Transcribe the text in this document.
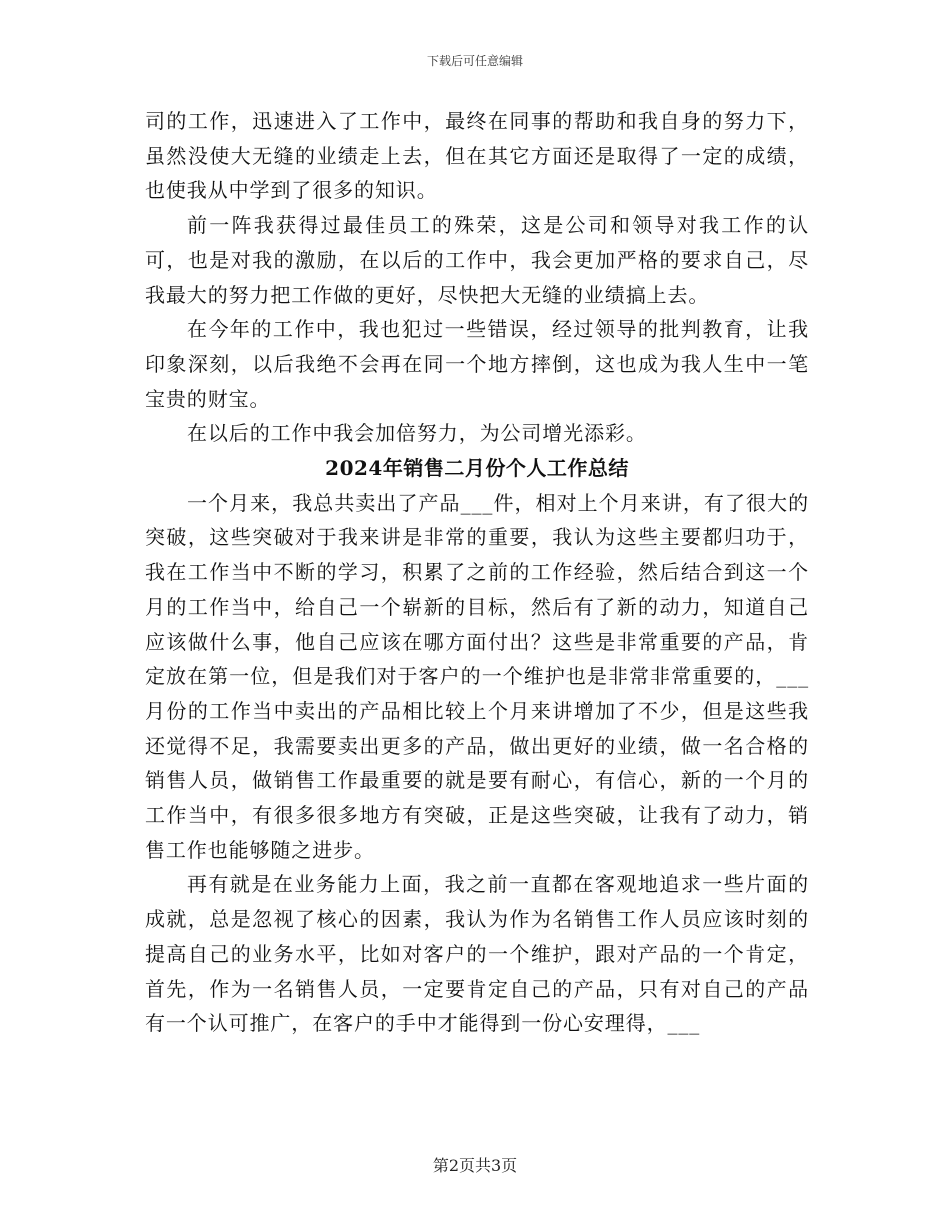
下载后可任意编辑

司的工作，迅速进入了工作中，最终在同事的帮助和我自身的努力下，虽然没使大无缝的业绩走上去，但在其它方面还是取得了一定的成绩，也使我从中学到了很多的知识。

前一阵我获得过最佳员工的殊荣，这是公司和领导对我工作的认可，也是对我的激励，在以后的工作中，我会更加严格的要求自己，尽我最大的努力把工作做的更好，尽快把大无缝的业绩搞上去。

在今年的工作中，我也犯过一些错误，经过领导的批判教育，让我印象深刻，以后我绝不会再在同一个地方摔倒，这也成为我人生中一笔宝贵的财宝。

在以后的工作中我会加倍努力，为公司增光添彩。

2024年销售二月份个人工作总结

一个月来，我总共卖出了产品___件，相对上个月来讲，有了很大的突破，这些突破对于我来讲是非常的重要，我认为这些主要都归功于，我在工作当中不断的学习，积累了之前的工作经验，然后结合到这一个月的工作当中，给自己一个崭新的目标，然后有了新的动力，知道自己应该做什么事，他自己应该在哪方面付出？这些是非常重要的产品，肯定放在第一位，但是我们对于客户的一个维护也是非常非常重要的，___月份的工作当中卖出的产品相比较上个月来讲增加了不少，但是这些我还觉得不足，我需要卖出更多的产品，做出更好的业绩，做一名合格的销售人员，做销售工作最重要的就是要有耐心，有信心，新的一个月的工作当中，有很多很多地方有突破，正是这些突破，让我有了动力，销售工作也能够随之进步。

再有就是在业务能力上面，我之前一直都在客观地追求一些片面的成就，总是忽视了核心的因素，我认为作为名销售工作人员应该时刻的提高自己的业务水平，比如对客户的一个维护，跟对产品的一个肯定，首先，作为一名销售人员，一定要肯定自己的产品，只有对自己的产品有一个认可推广，在客户的手中才能得到一份心安理得，___

第2页共3页
